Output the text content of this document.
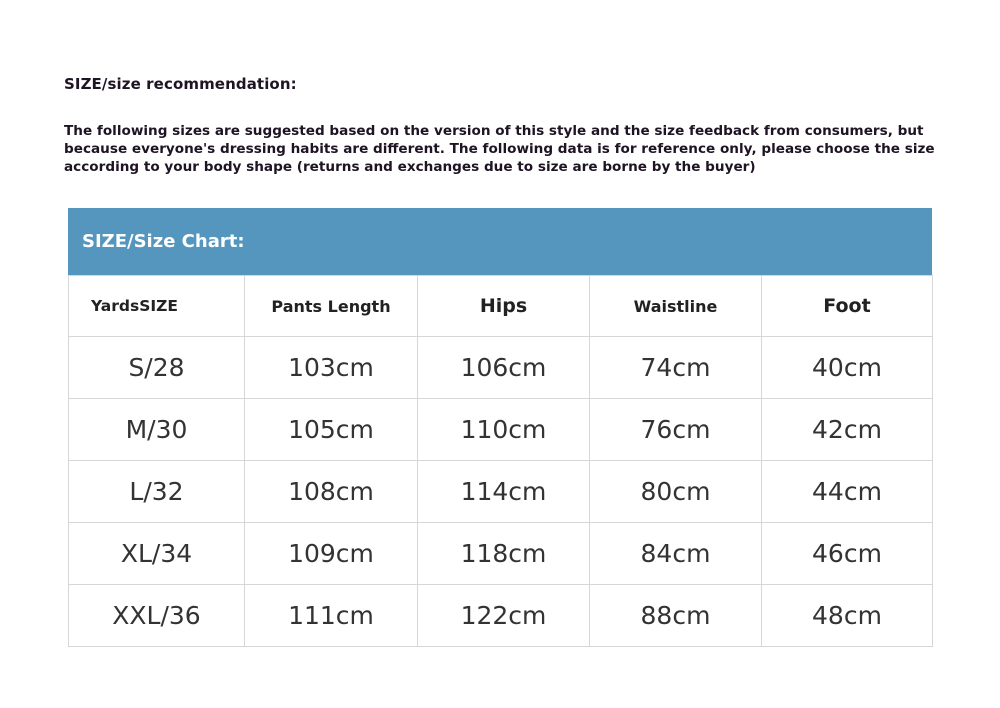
SIZE/size recommendation:
The following sizes are suggested based on the version of this style and the size feedback from consumers, but
because everyone's dressing habits are different. The following data is for reference only, please choose the size
according to your body shape (returns and exchanges due to size are borne by the buyer)
SIZE/Size Chart:
YardsSIZE	Pants Length	Hips	Waistline	Foot
S/28	103cm	106cm	74cm	40cm
M/30	105cm	110cm	76cm	42cm
L/32	108cm	114cm	80cm	44cm
XL/34	109cm	118cm	84cm	46cm
XXL/36	111cm	122cm	88cm	48cm
